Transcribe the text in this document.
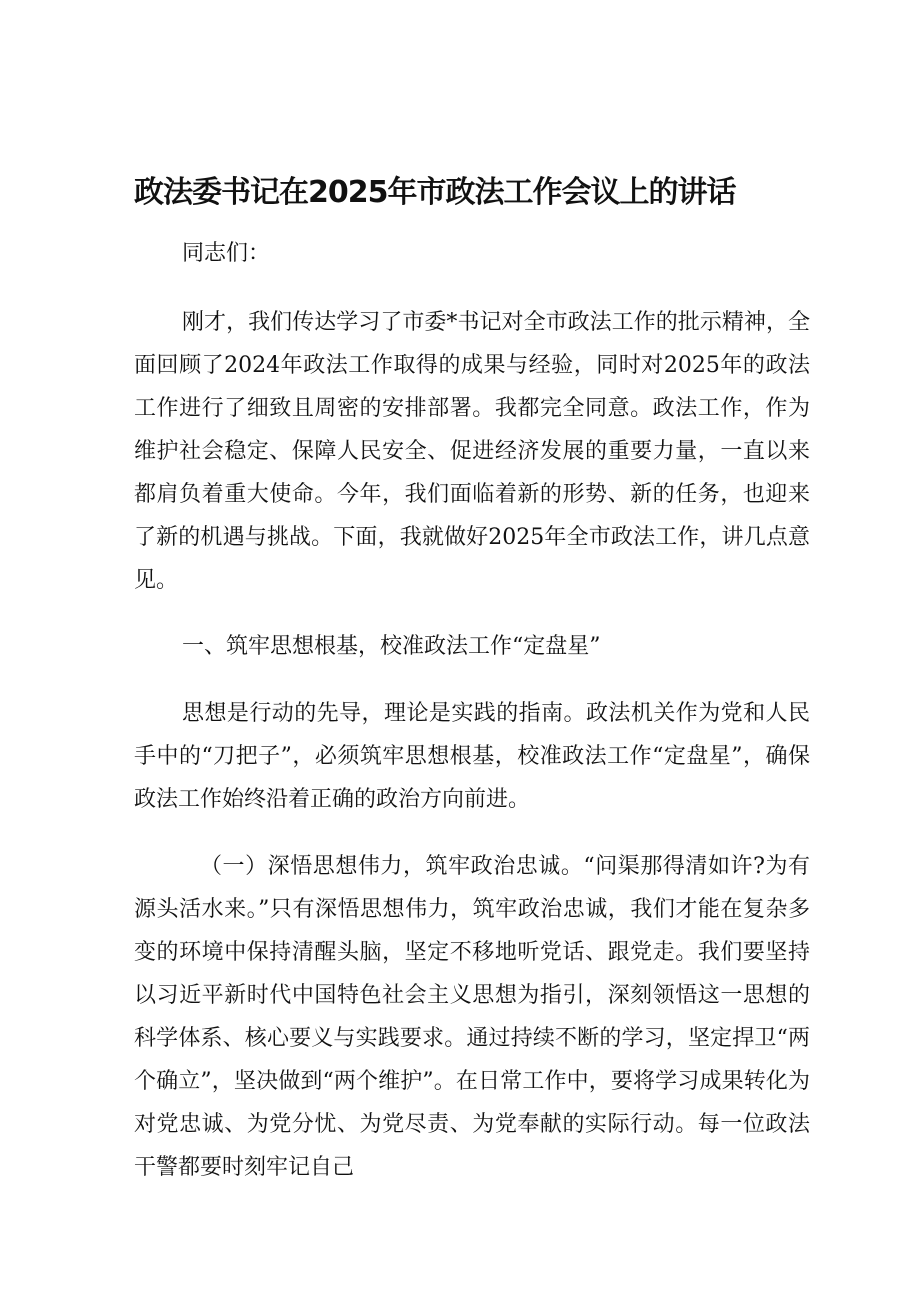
政法委书记在2025年市政法工作会议上的讲话

同志们：

刚才，我们传达学习了市委*书记对全市政法工作的批示精神，全面回顾了2024年政法工作取得的成果与经验，同时对2025年的政法工作进行了细致且周密的安排部署。我都完全同意。政法工作，作为维护社会稳定、保障人民安全、促进经济发展的重要力量，一直以来都肩负着重大使命。今年，我们面临着新的形势、新的任务，也迎来了新的机遇与挑战。下面，我就做好2025年全市政法工作，讲几点意见。

一、筑牢思想根基，校准政法工作“定盘星”

思想是行动的先导，理论是实践的指南。政法机关作为党和人民手中的“刀把子”，必须筑牢思想根基，校准政法工作“定盘星”，确保政法工作始终沿着正确的政治方向前进。

（一）深悟思想伟力，筑牢政治忠诚。“问渠那得清如许?为有源头活水来。”只有深悟思想伟力，筑牢政治忠诚，我们才能在复杂多变的环境中保持清醒头脑，坚定不移地听党话、跟党走。我们要坚持以习近平新时代中国特色社会主义思想为指引，深刻领悟这一思想的科学体系、核心要义与实践要求。通过持续不断的学习，坚定捍卫“两个确立”，坚决做到“两个维护”。在日常工作中，要将学习成果转化为对党忠诚、为党分忧、为党尽责、为党奉献的实际行动。每一位政法干警都要时刻牢记自己
